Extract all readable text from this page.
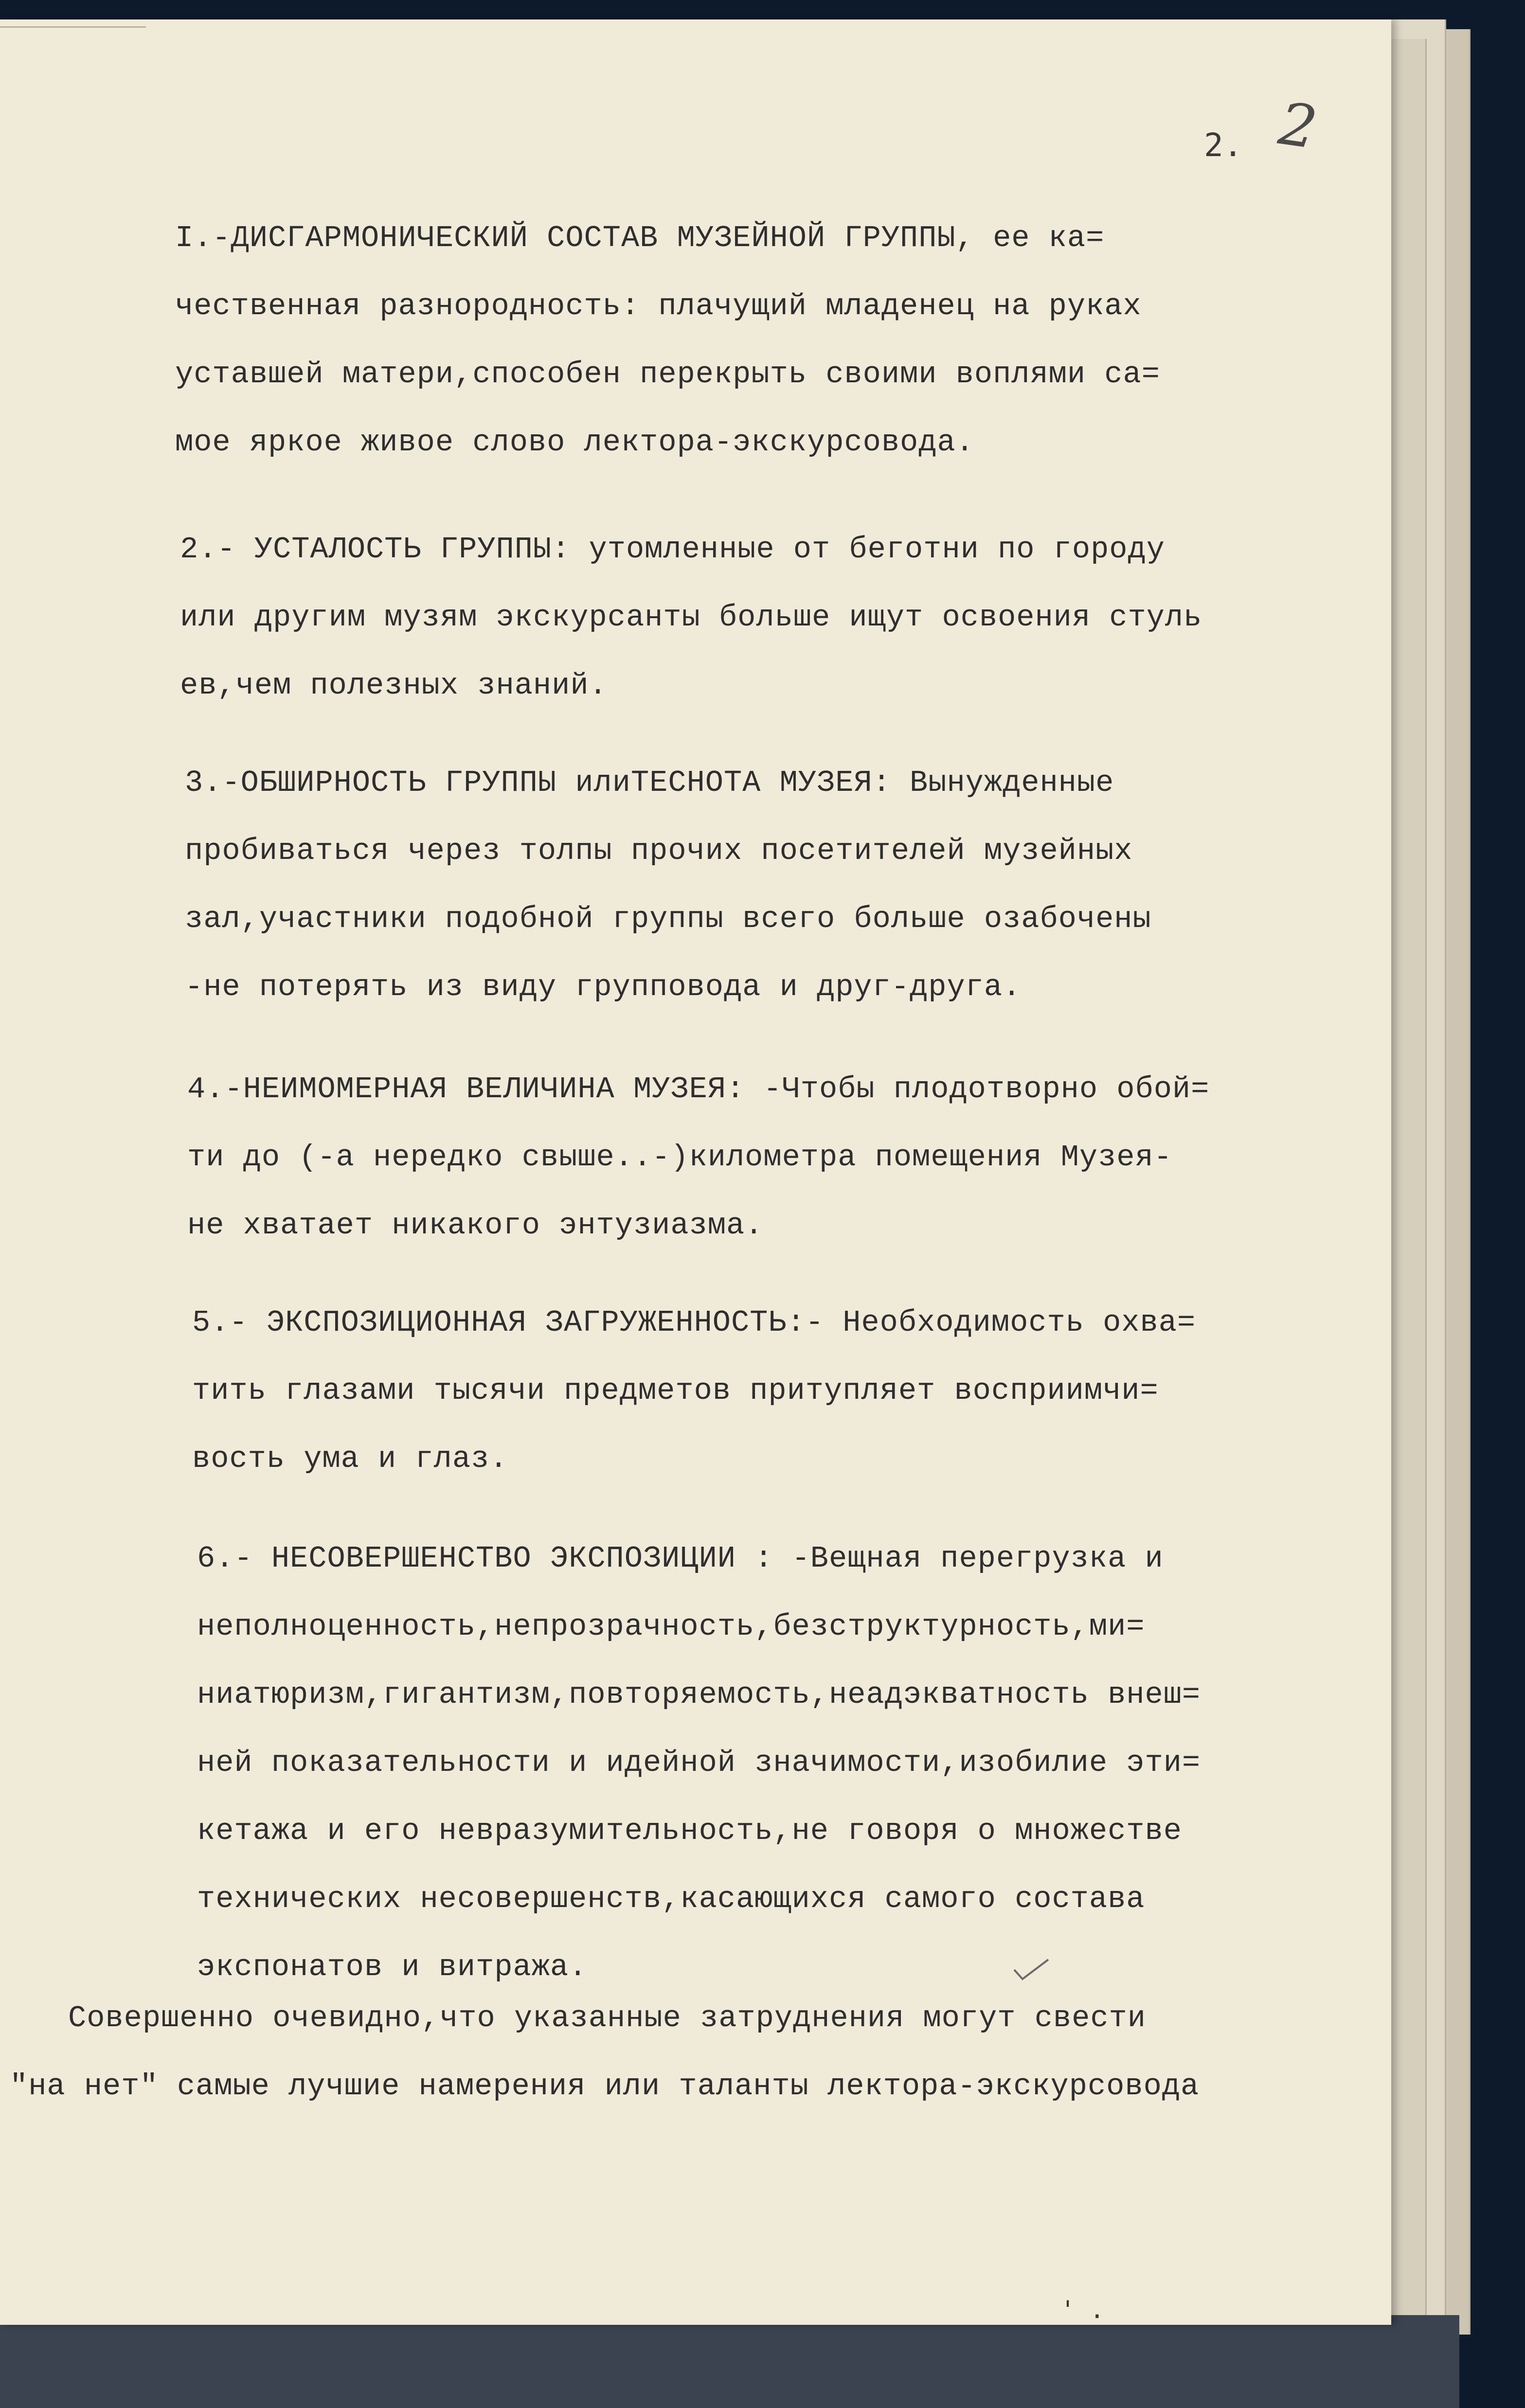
2. 2
I.-ДИСГАРМОНИЧЕСКИЙ СОСТАВ МУЗЕЙНОЙ ГРУППЫ, ее ка=
чественная разнородность: плачущий младенец на руках
уставшей матери,способен перекрыть своими воплями са=
мое яркое живое слово лектора-экскурсовода.
2.- УСТАЛОСТЬ ГРУППЫ: утомленные от беготни по городу
или другим музям экскурсанты больше ищут освоения стуль
ев,чем полезных знаний.
3.-ОБШИРНОСТЬ ГРУППЫ илиТЕСНОТА МУЗЕЯ: Вынужденные
пробиваться через толпы прочих посетителей музейных
зал,участники подобной группы всего больше озабочены
-не потерять из виду групповода и друг-друга.
4.-НЕИМОМЕРНАЯ ВЕЛИЧИНА МУЗЕЯ: -Чтобы плодотворно обой=
ти до (-а нередко свыше..-)километра помещения Музея-
не хватает никакого энтузиазма.
5.- ЭКСПОЗИЦИОННАЯ ЗАГРУЖЕННОСТЬ:- Необходимость охва=
тить глазами тысячи предметов притупляет восприимчи=
вость ума и глаз.
6.- НЕСОВЕРШЕНСТВО ЭКСПОЗИЦИИ : -Вещная перегрузка и
неполноценность,непрозрачность,безструктурность,ми=
ниатюризм,гигантизм,повторяемость,неадэкватность внеш=
ней показательности и идейной значимости,изобилие эти=
кетажа и его невразумительность,не говоря о множестве
технических несовершенств,касающихся самого состава
экспонатов и витража.
Совершенно очевидно,что указанные затруднения могут свести
"на нет" самые лучшие намерения или таланты лектора-экскурсовода
' .
